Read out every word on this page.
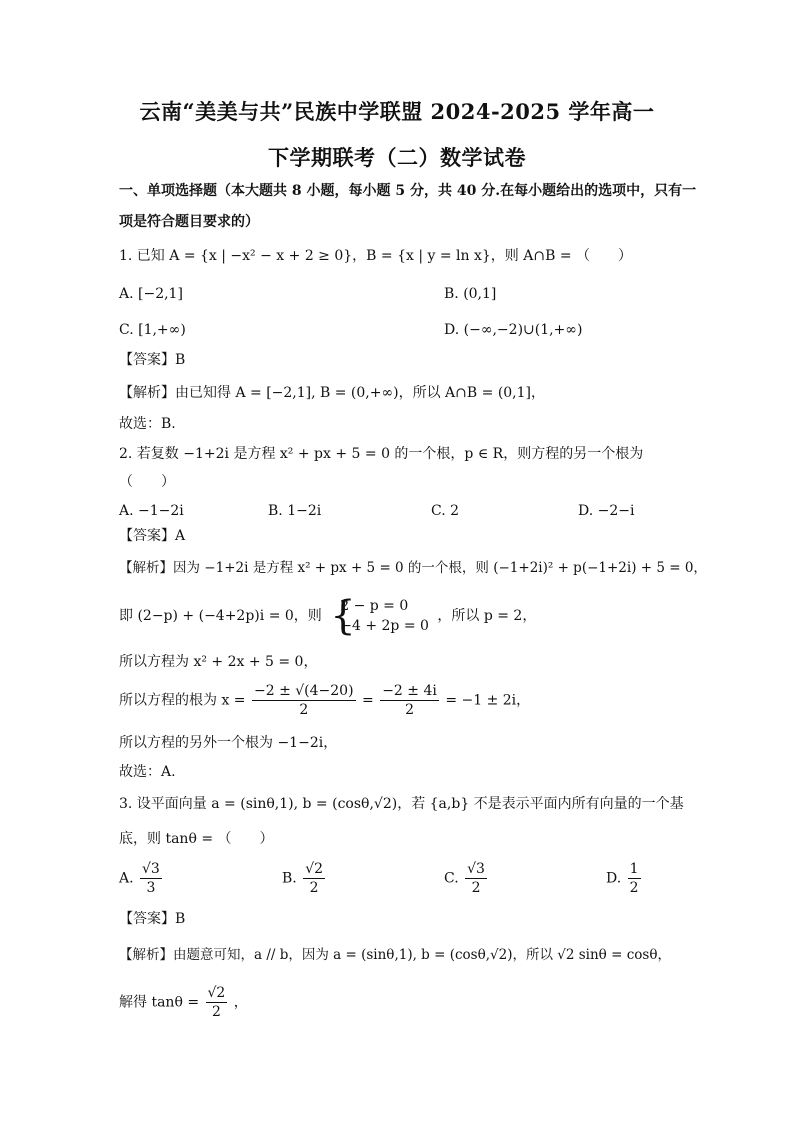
云南“美美与共”民族中学联盟 2024-2025 学年高一
下学期联考（二）数学试卷
一、单项选择题（本大题共 8 小题，每小题 5 分，共 40 分.在每小题给出的选项中，只有一
项是符合题目要求的）
1. 已知 A = {x | −x² − x + 2 ≥ 0}，B = {x | y = ln x}，则 A∩B = （　　）
A. [−2,1]	B. (0,1]
C. [1,+∞)	D. (−∞,−2)∪(1,+∞)
【答案】B
【解析】由已知得 A = [−2,1], B = (0,+∞)，所以 A∩B = (0,1]，
故选：B.
2. 若复数 −1+2i 是方程 x² + px + 5 = 0 的一个根，p ∈ R，则方程的另一个根为
（　　）
A. −1−2i	B. 1−2i	C. 2	D. −2−i
【答案】A
【解析】因为 −1+2i 是方程 x² + px + 5 = 0 的一个根，则 (−1+2i)² + p(−1+2i) + 5 = 0，
即 (2−p) + (−4+2p)i = 0，则 {
2 − p = 0
−4 + 2p = 0
，所以 p = 2，
所以方程为 x² + 2x + 5 = 0，
所以方程的根为 $x = \frac{-2 \pm √(4-20)}{2} = \frac{-2 \pm 4i}{2} = -1 \pm 2i$，
所以方程的另外一个根为 −1−2i，
故选：A.
3. 设平面向量 a = (sinθ,1), b = (cosθ,√2)，若 {a,b} 不是表示平面内所有向量的一个基
底，则 tanθ = （　　）
A. $\frac{√3}{3}$	B. $\frac{√2}{2}$	C. $\frac{√3}{2}$	D. $\frac{1}{2}$
【答案】B
【解析】由题意可知，a // b，因为 a = (sinθ,1), b = (cosθ,√2)，所以 √2 sinθ = cosθ，
解得 $\tan\theta = \frac{√2}{2}$ ，
